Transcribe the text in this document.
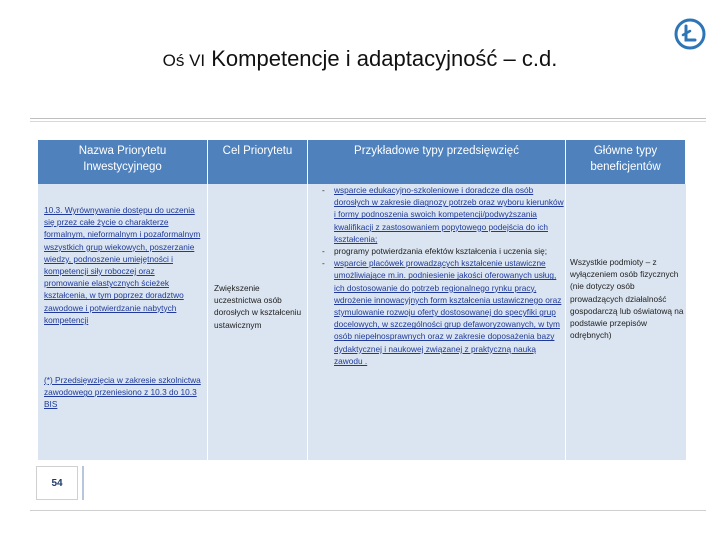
Oś VI Kompetencje i adaptacyjność – c.d.
Nazwa Priorytetu Inwestycyjnego
Cel Priorytetu	Przykładowe typy przedsięwzięć	Główne typy beneficjentów
10.3. Wyrównywanie dostępu do uczenia się przez całe życie o charakterze formalnym, nieformalnym i pozaformalnym wszystkich grup wiekowych, poszerzanie wiedzy, podnoszenie umiejętności i kompetencji siły roboczej oraz promowanie elastycznych ścieżek kształcenia, w tym poprzez doradztwo zawodowe i potwierdzanie nabytych kompetencji
(*) Przedsięwzięcia w zakresie szkolnictwa zawodowego przeniesiono z 10.3 do 10.3 BIS
Zwiększenie uczestnictwa osób dorosłych w kształceniu ustawicznym
- wsparcie edukacyjno-szkoleniowe i doradcze dla osób dorosłych w zakresie diagnozy potrzeb oraz wyboru kierunków i formy podnoszenia swoich kompetencji/podwyższania kwalifikacji z zastosowaniem popytowego podejścia do ich kształcenia;
- programy potwierdzania efektów kształcenia i uczenia się;
- wsparcie placówek prowadzących kształcenie ustawiczne umożliwiające m.in. podniesienie jakości oferowanych usług, ich dostosowanie do potrzeb regionalnego rynku pracy, wdrożenie innowacyjnych form kształcenia ustawicznego oraz stymulowanie rozwoju oferty dostosowanej do specyfiki grup docelowych, w szczególności grup defaworyzowanych, w tym osób niepełnosprawnych oraz w zakresie doposażenia bazy dydaktycznej i naukowej związanej z praktyczną nauką zawodu .
Wszystkie podmioty – z wyłączeniem osób fizycznych (nie dotyczy osób prowadzących działalność gospodarczą lub oświatową na podstawie przepisów odrębnych)
54
